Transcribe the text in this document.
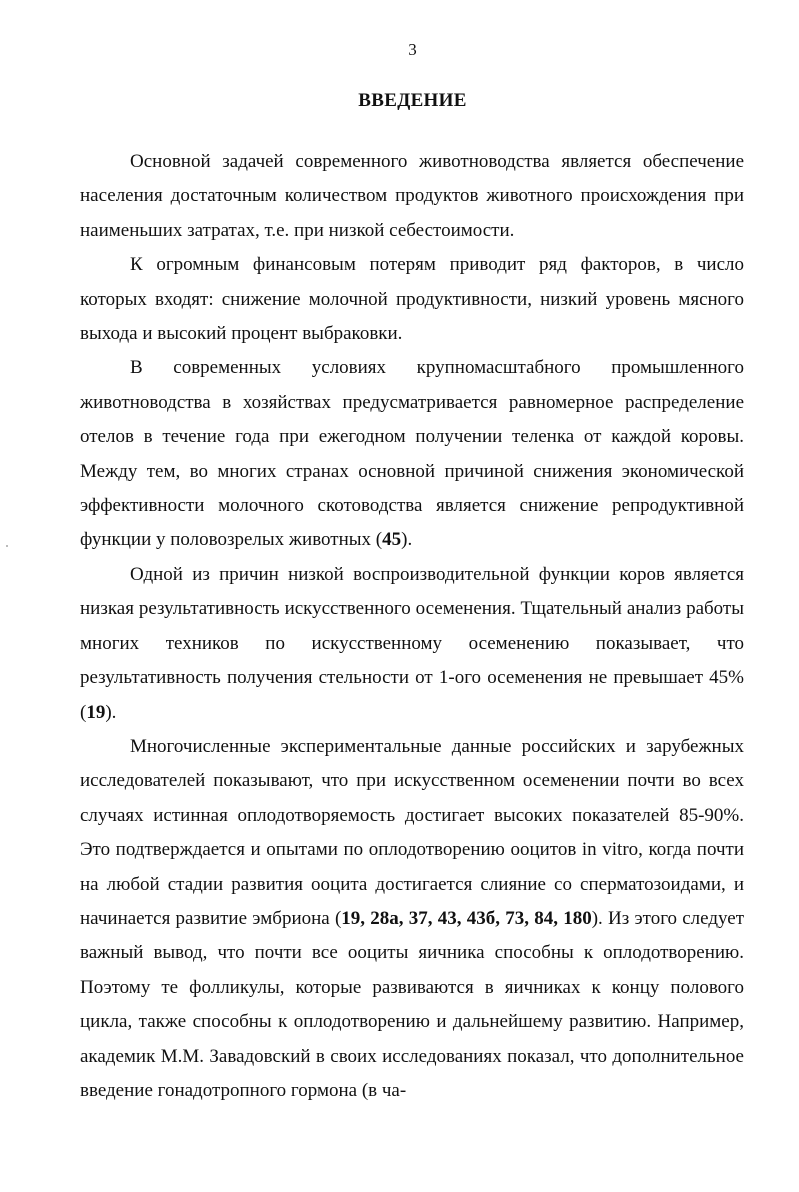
3
ВВЕДЕНИЕ

Основной задачей современного животноводства является обеспечение населения достаточным количеством продуктов животного происхождения при наименьших затратах, т.е. при низкой себестоимости.

К огромным финансовым потерям приводит ряд факторов, в число которых входят: снижение молочной продуктивности, низкий уровень мясного выхода и высокий процент выбраковки.

В современных условиях крупномасштабного промышленного животноводства в хозяйствах предусматривается равномерное распределение отелов в течение года при ежегодном получении теленка от каждой коровы. Между тем, во многих странах основной причиной снижения экономической эффективности молочного скотоводства является снижение репродуктивной функции у половозрелых животных (45).

Одной из причин низкой воспроизводительной функции коров является низкая результативность искусственного осеменения. Тщательный анализ работы многих техников по искусственному осеменению показывает, что результативность получения стельности от 1-ого осеменения не превышает 45% (19).

Многочисленные экспериментальные данные российских и зарубежных исследователей показывают, что при искусственном осеменении почти во всех случаях истинная оплодотворяемость достигает высоких показателей 85-90%. Это подтверждается и опытами по оплодотворению ооцитов in vitro, когда почти на любой стадии развития ооцита достигается слияние со сперматозоидами, и начинается развитие эмбриона (19, 28а, 37, 43, 43б, 73, 84, 180). Из этого следует важный вывод, что почти все ооциты яичника способны к оплодотворению. Поэтому те фолликулы, которые развиваются в яичниках к концу полового цикла, также способны к оплодотворению и дальнейшему развитию. Например, академик М.М. Завадовский в своих исследованиях показал, что дополнительное введение гонадотропного гормона (в ча-
